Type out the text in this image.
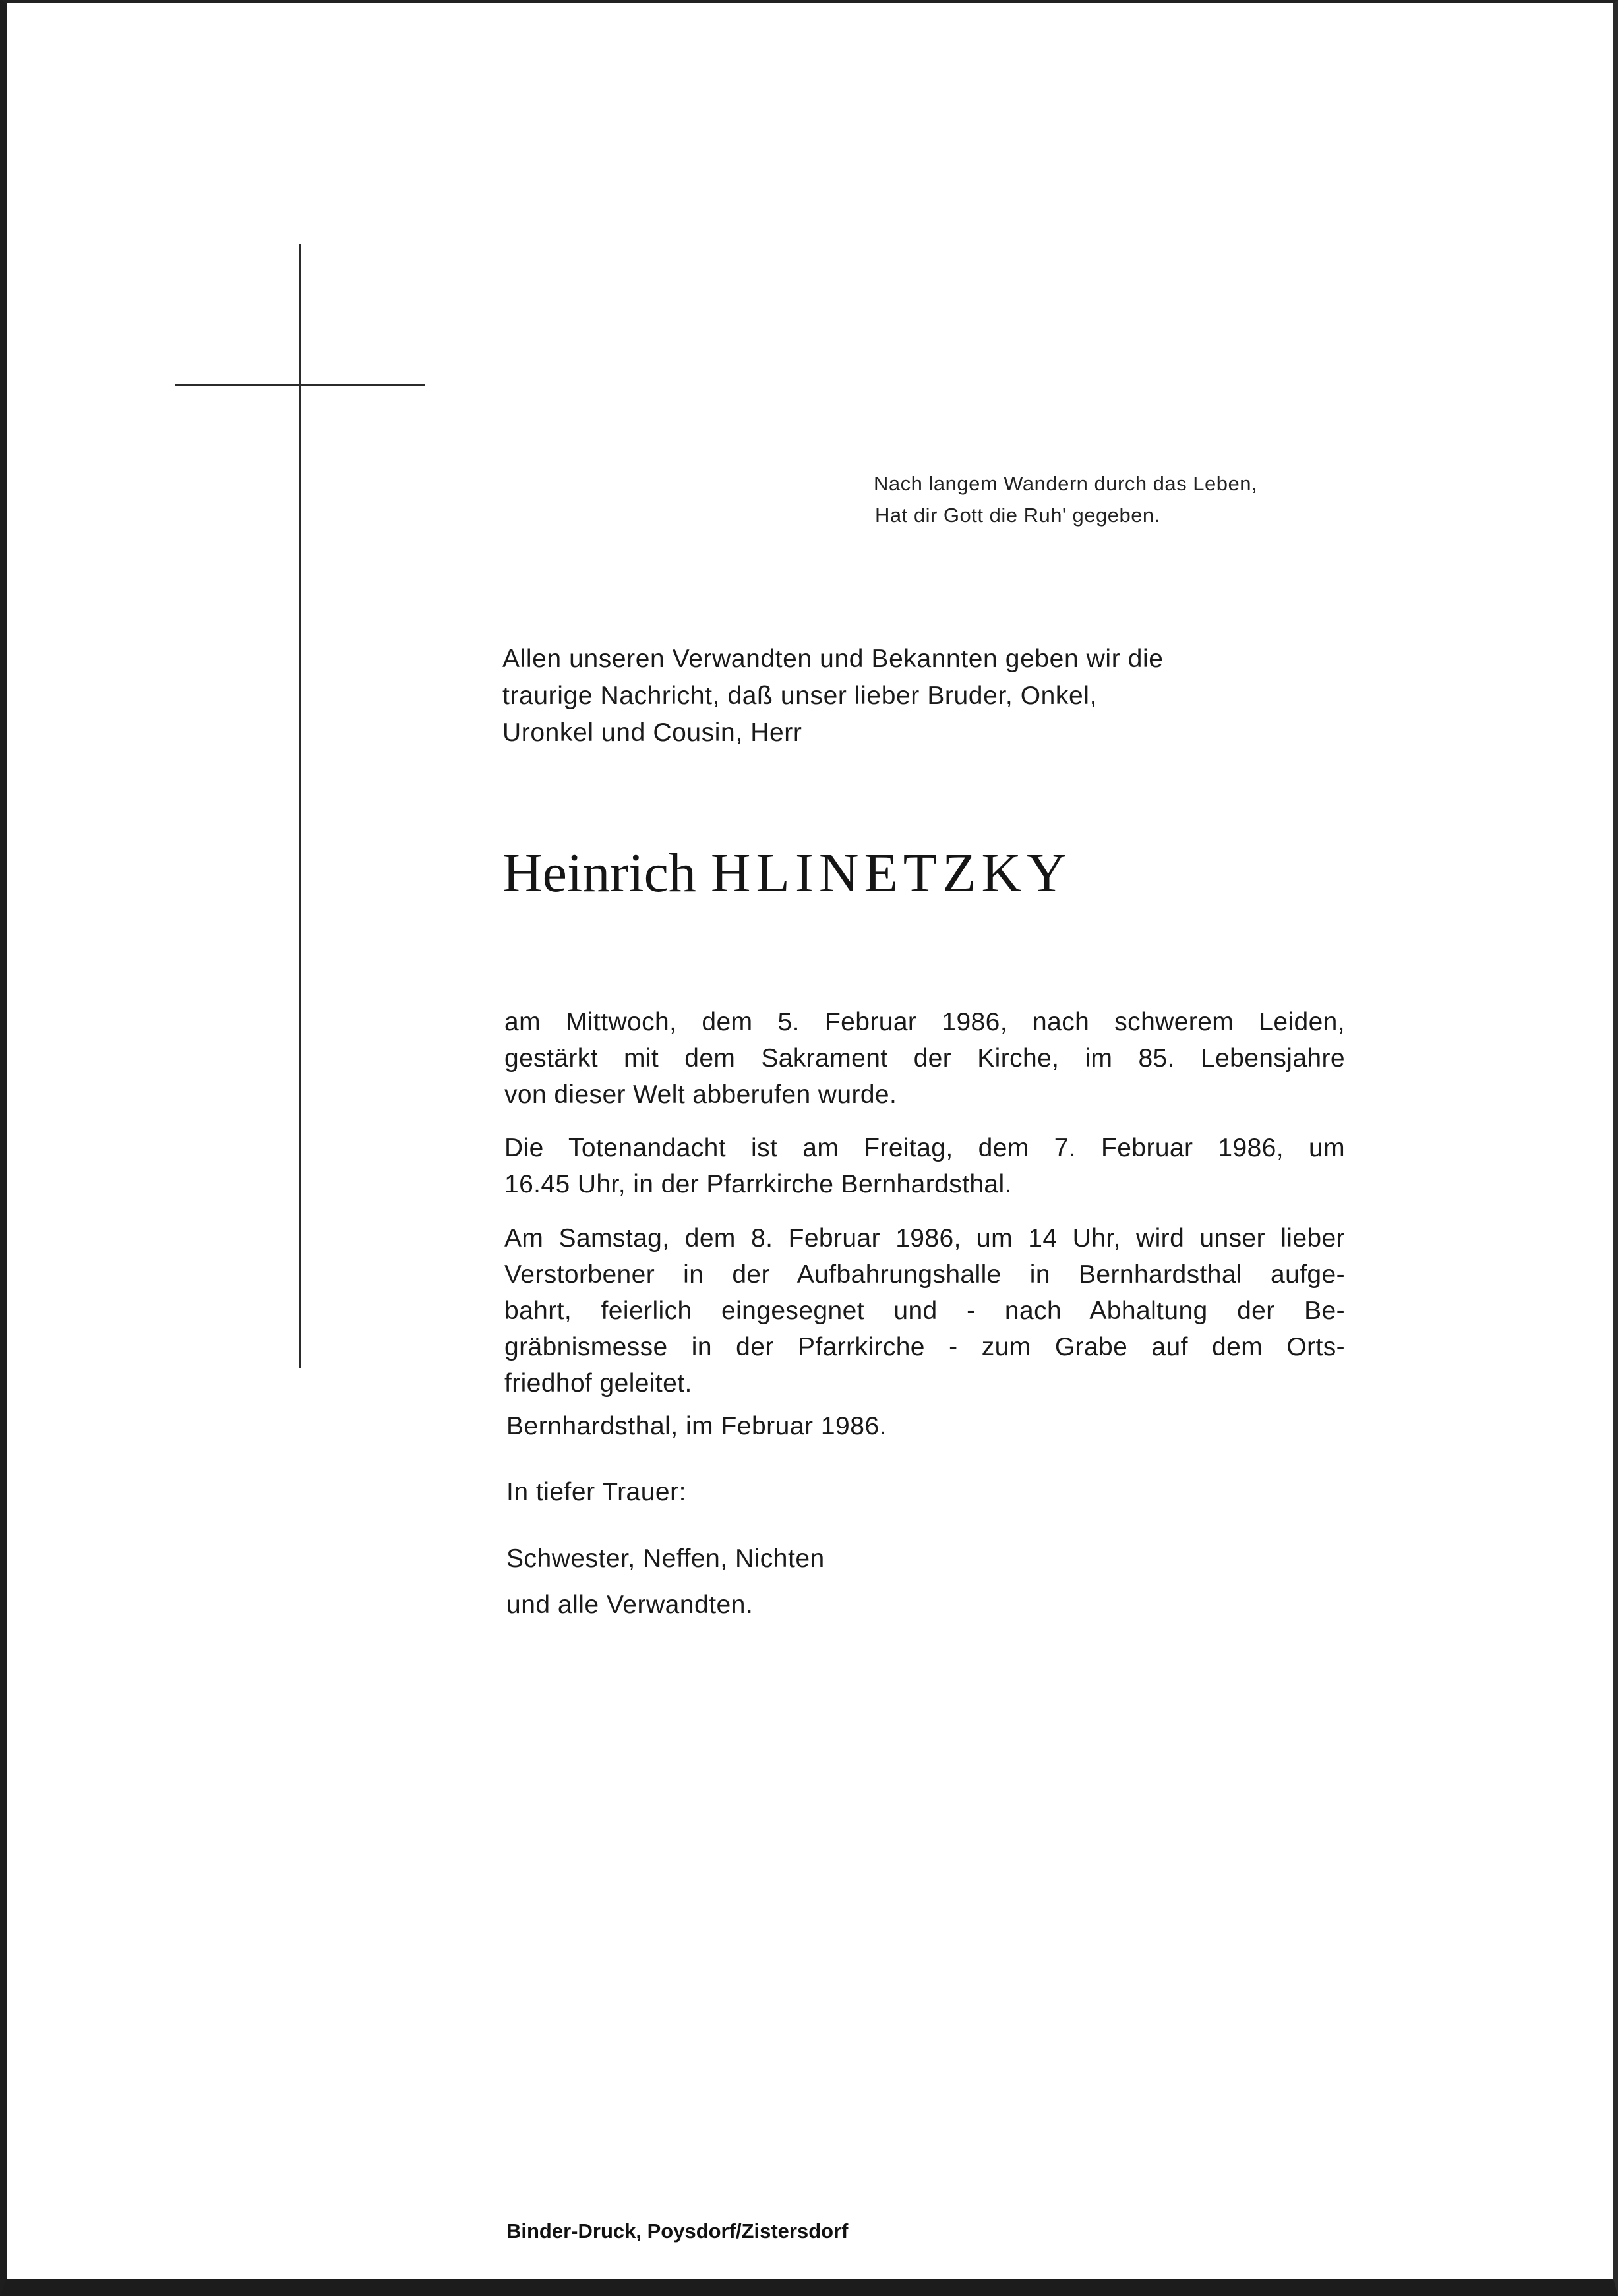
Nach langem Wandern durch das Leben,
Hat dir Gott die Ruh' gegeben.
Allen unseren Verwandten und Bekannten geben wir die
traurige Nachricht, daß unser lieber Bruder, Onkel,
Uronkel und Cousin, Herr
Heinrich HLINETZKY
am Mittwoch, dem 5. Februar 1986, nach schwerem Leiden,
gestärkt mit dem Sakrament der Kirche, im 85. Lebensjahre
von dieser Welt abberufen wurde.
Die Totenandacht ist am Freitag, dem 7. Februar 1986, um
16.45 Uhr, in der Pfarrkirche Bernhardsthal.
Am Samstag, dem 8. Februar 1986, um 14 Uhr, wird unser lieber
Verstorbener in der Aufbahrungshalle in Bernhardsthal aufge-
bahrt, feierlich eingesegnet und - nach Abhaltung der Be-
gräbnismesse in der Pfarrkirche - zum Grabe auf dem Orts-
friedhof geleitet.
Bernhardsthal, im Februar 1986.
In tiefer Trauer:
Schwester, Neffen, Nichten
und alle Verwandten.
Binder-Druck, Poysdorf/Zistersdorf
